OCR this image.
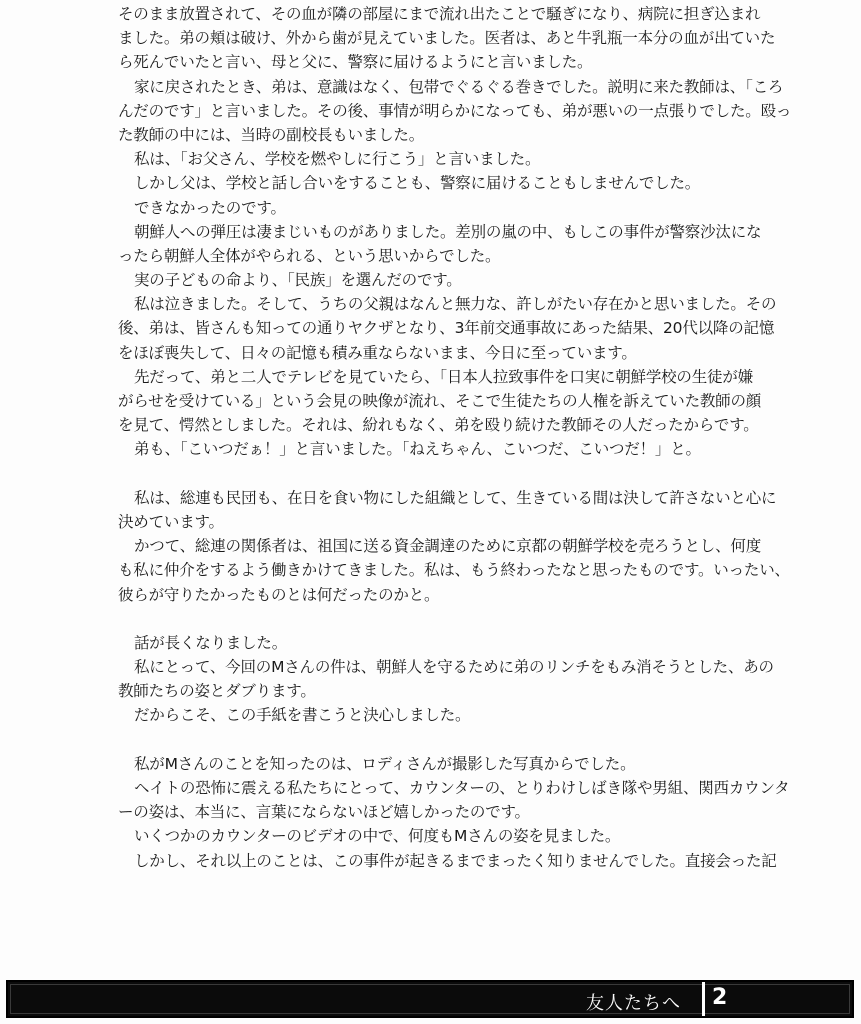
そのまま放置されて、その血が隣の部屋にまで流れ出たことで騒ぎになり、病院に担ぎ込まれ
ました。弟の頬は破け、外から歯が見えていました。医者は、あと牛乳瓶一本分の血が出ていた
ら死んでいたと言い、母と父に、警察に届けるようにと言いました。
家に戻されたとき、弟は、意識はなく、包帯でぐるぐる巻きでした。説明に来た教師は、「ころ
んだのです」と言いました。その後、事情が明らかになっても、弟が悪いの一点張りでした。殴っ
た教師の中には、当時の副校長もいました。
私は、「お父さん、学校を燃やしに行こう」と言いました。
しかし父は、学校と話し合いをすることも、警察に届けることもしませんでした。
できなかったのです。
朝鮮人への弾圧は凄まじいものがありました。差別の嵐の中、もしこの事件が警察沙汰にな
ったら朝鮮人全体がやられる、という思いからでした。
実の子どもの命より、「民族」を選んだのです。
私は泣きました。そして、うちの父親はなんと無力な、許しがたい存在かと思いました。その
後、弟は、皆さんも知っての通りヤクザとなり、3年前交通事故にあった結果、20代以降の記憶
をほぼ喪失して、日々の記憶も積み重ならないまま、今日に至っています。
先だって、弟と二人でテレビを見ていたら、「日本人拉致事件を口実に朝鮮学校の生徒が嫌
がらせを受けている」という会見の映像が流れ、そこで生徒たちの人権を訴えていた教師の顔
を見て、愕然としました。それは、紛れもなく、弟を殴り続けた教師その人だったからです。
弟も、「こいつだぁ！」と言いました。「ねえちゃん、こいつだ、こいつだ！」と。
私は、総連も民団も、在日を食い物にした組織として、生きている間は決して許さないと心に
決めています。
かつて、総連の関係者は、祖国に送る資金調達のために京都の朝鮮学校を売ろうとし、何度
も私に仲介をするよう働きかけてきました。私は、もう終わったなと思ったものです。いったい、
彼らが守りたかったものとは何だったのかと。
話が長くなりました。
私にとって、今回のMさんの件は、朝鮮人を守るために弟のリンチをもみ消そうとした、あの
教師たちの姿とダブります。
だからこそ、この手紙を書こうと決心しました。
私がMさんのことを知ったのは、ロディさんが撮影した写真からでした。
ヘイトの恐怖に震える私たちにとって、カウンターの、とりわけしばき隊や男組、関西カウンタ
ーの姿は、本当に、言葉にならないほど嬉しかったのです。
いくつかのカウンターのビデオの中で、何度もMさんの姿を見ました。
しかし、それ以上のことは、この事件が起きるまでまったく知りませんでした。直接会った記
友人たちへ 2
